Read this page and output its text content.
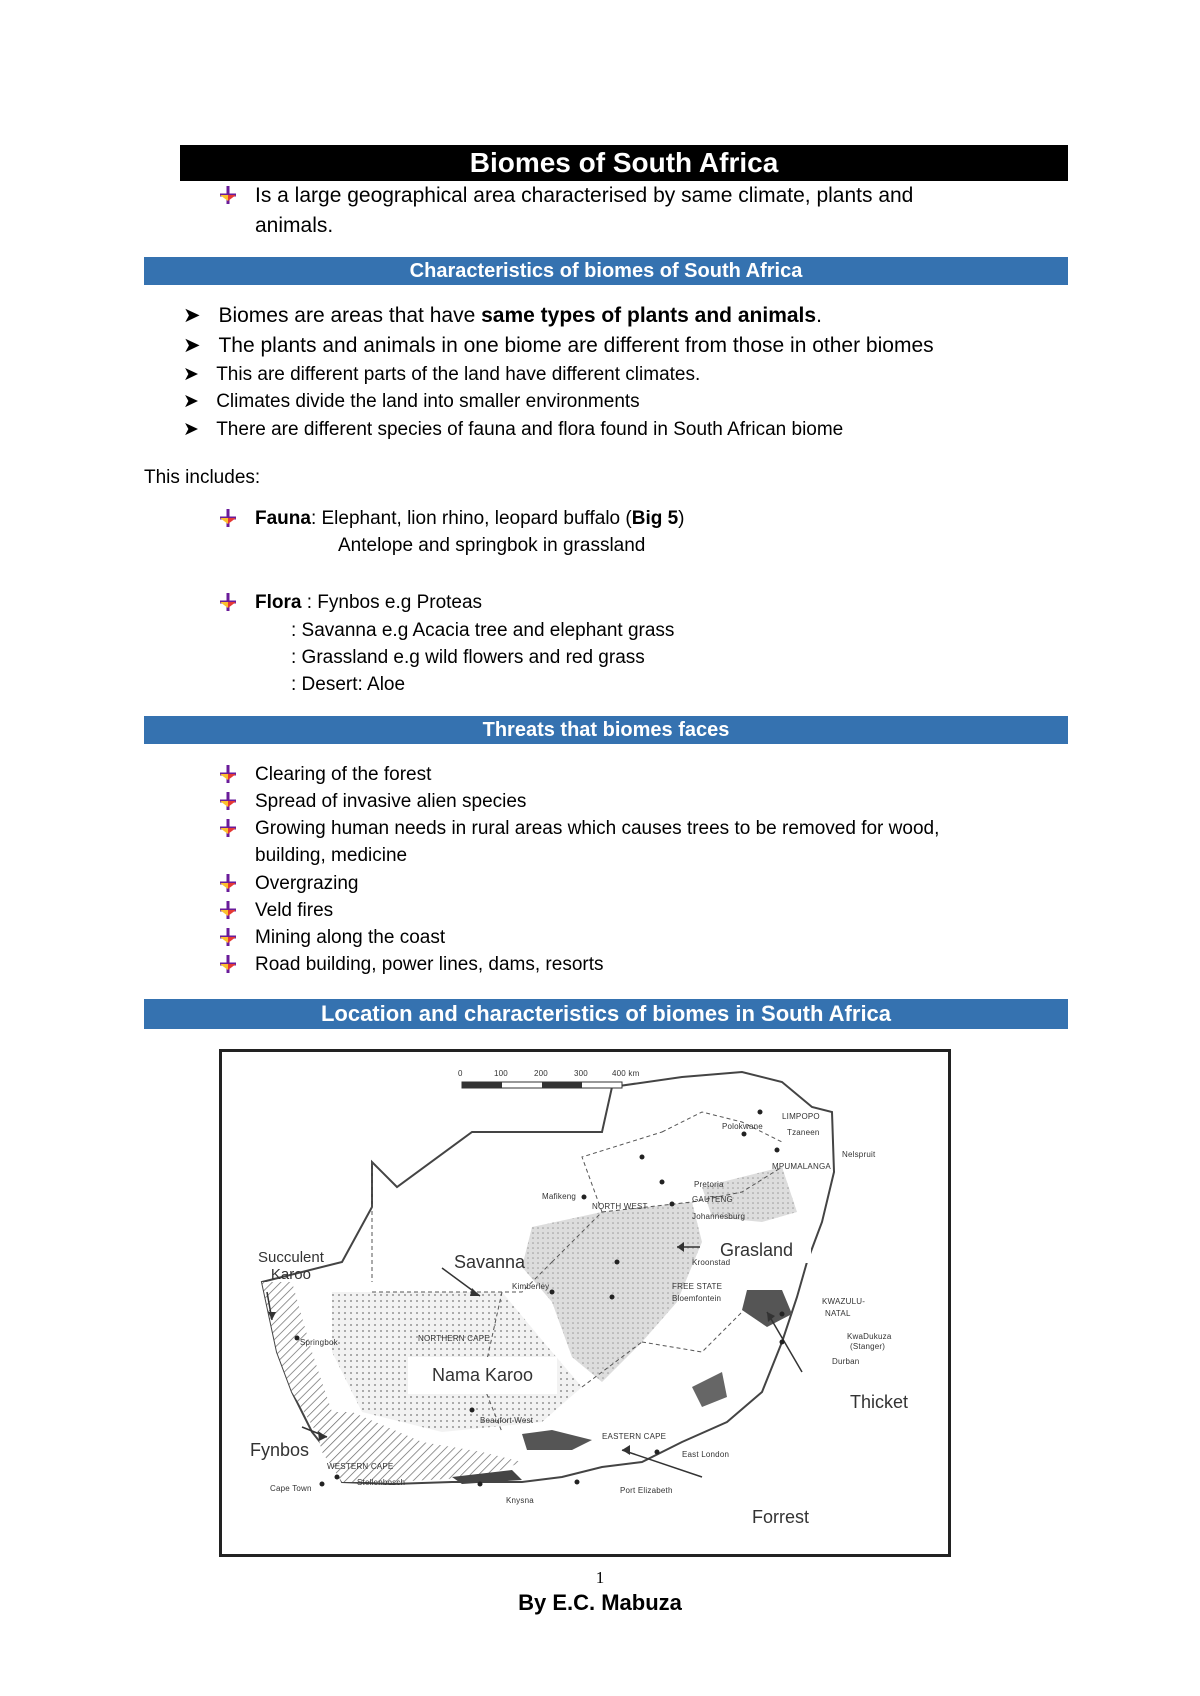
Biomes of South Africa
Is a large geographical area characterised by same climate, plants and
animals.
Characteristics of biomes of South Africa
➤ Biomes are areas that have same types of plants and animals.
➤ The plants and animals in one biome are different from those in other biomes
➤ This are different parts of the land have different climates.
➤ Climates divide the land into smaller environments
➤ There are different species of fauna and flora found in South African biome
This includes:
Fauna: Elephant, lion rhino, leopard buffalo (Big 5)
Antelope and springbok in grassland
Flora : Fynbos e.g Proteas
: Savanna e.g Acacia tree and elephant grass
: Grassland e.g wild flowers and red grass
: Desert: Aloe
Threats that biomes faces
Clearing of the forest
Spread of invasive alien species
Growing human needs in rural areas which causes trees to be removed for wood,
building, medicine
Overgrazing
Veld fires
Mining along the coast
Road building, power lines, dams, resorts
Location and characteristics of biomes in South Africa
0	100	200	300	400 km
Succulent
Karoo
Savanna
Grasland
Nama Karoo
Thicket
Fynbos
Forrest
LIMPOPO
Polokwane
Tzaneen
Nelspruit
Pretoria
Mafikeng	GAUTENG
MPUMALANGA
NORTH WEST
Johannesburg
Kroonstad
FREE STATE
Bloemfontein
Kimberley
KWAZULU-
NATAL
KwaDukuza
(Stanger)
Durban
NORTHERN CAPE
Springbok
Beaufort West
EASTERN CAPE
East London
WESTERN CAPE
Stellenbosch
Cape Town
Knysna
Port Elizabeth
1
By E.C. Mabuza
